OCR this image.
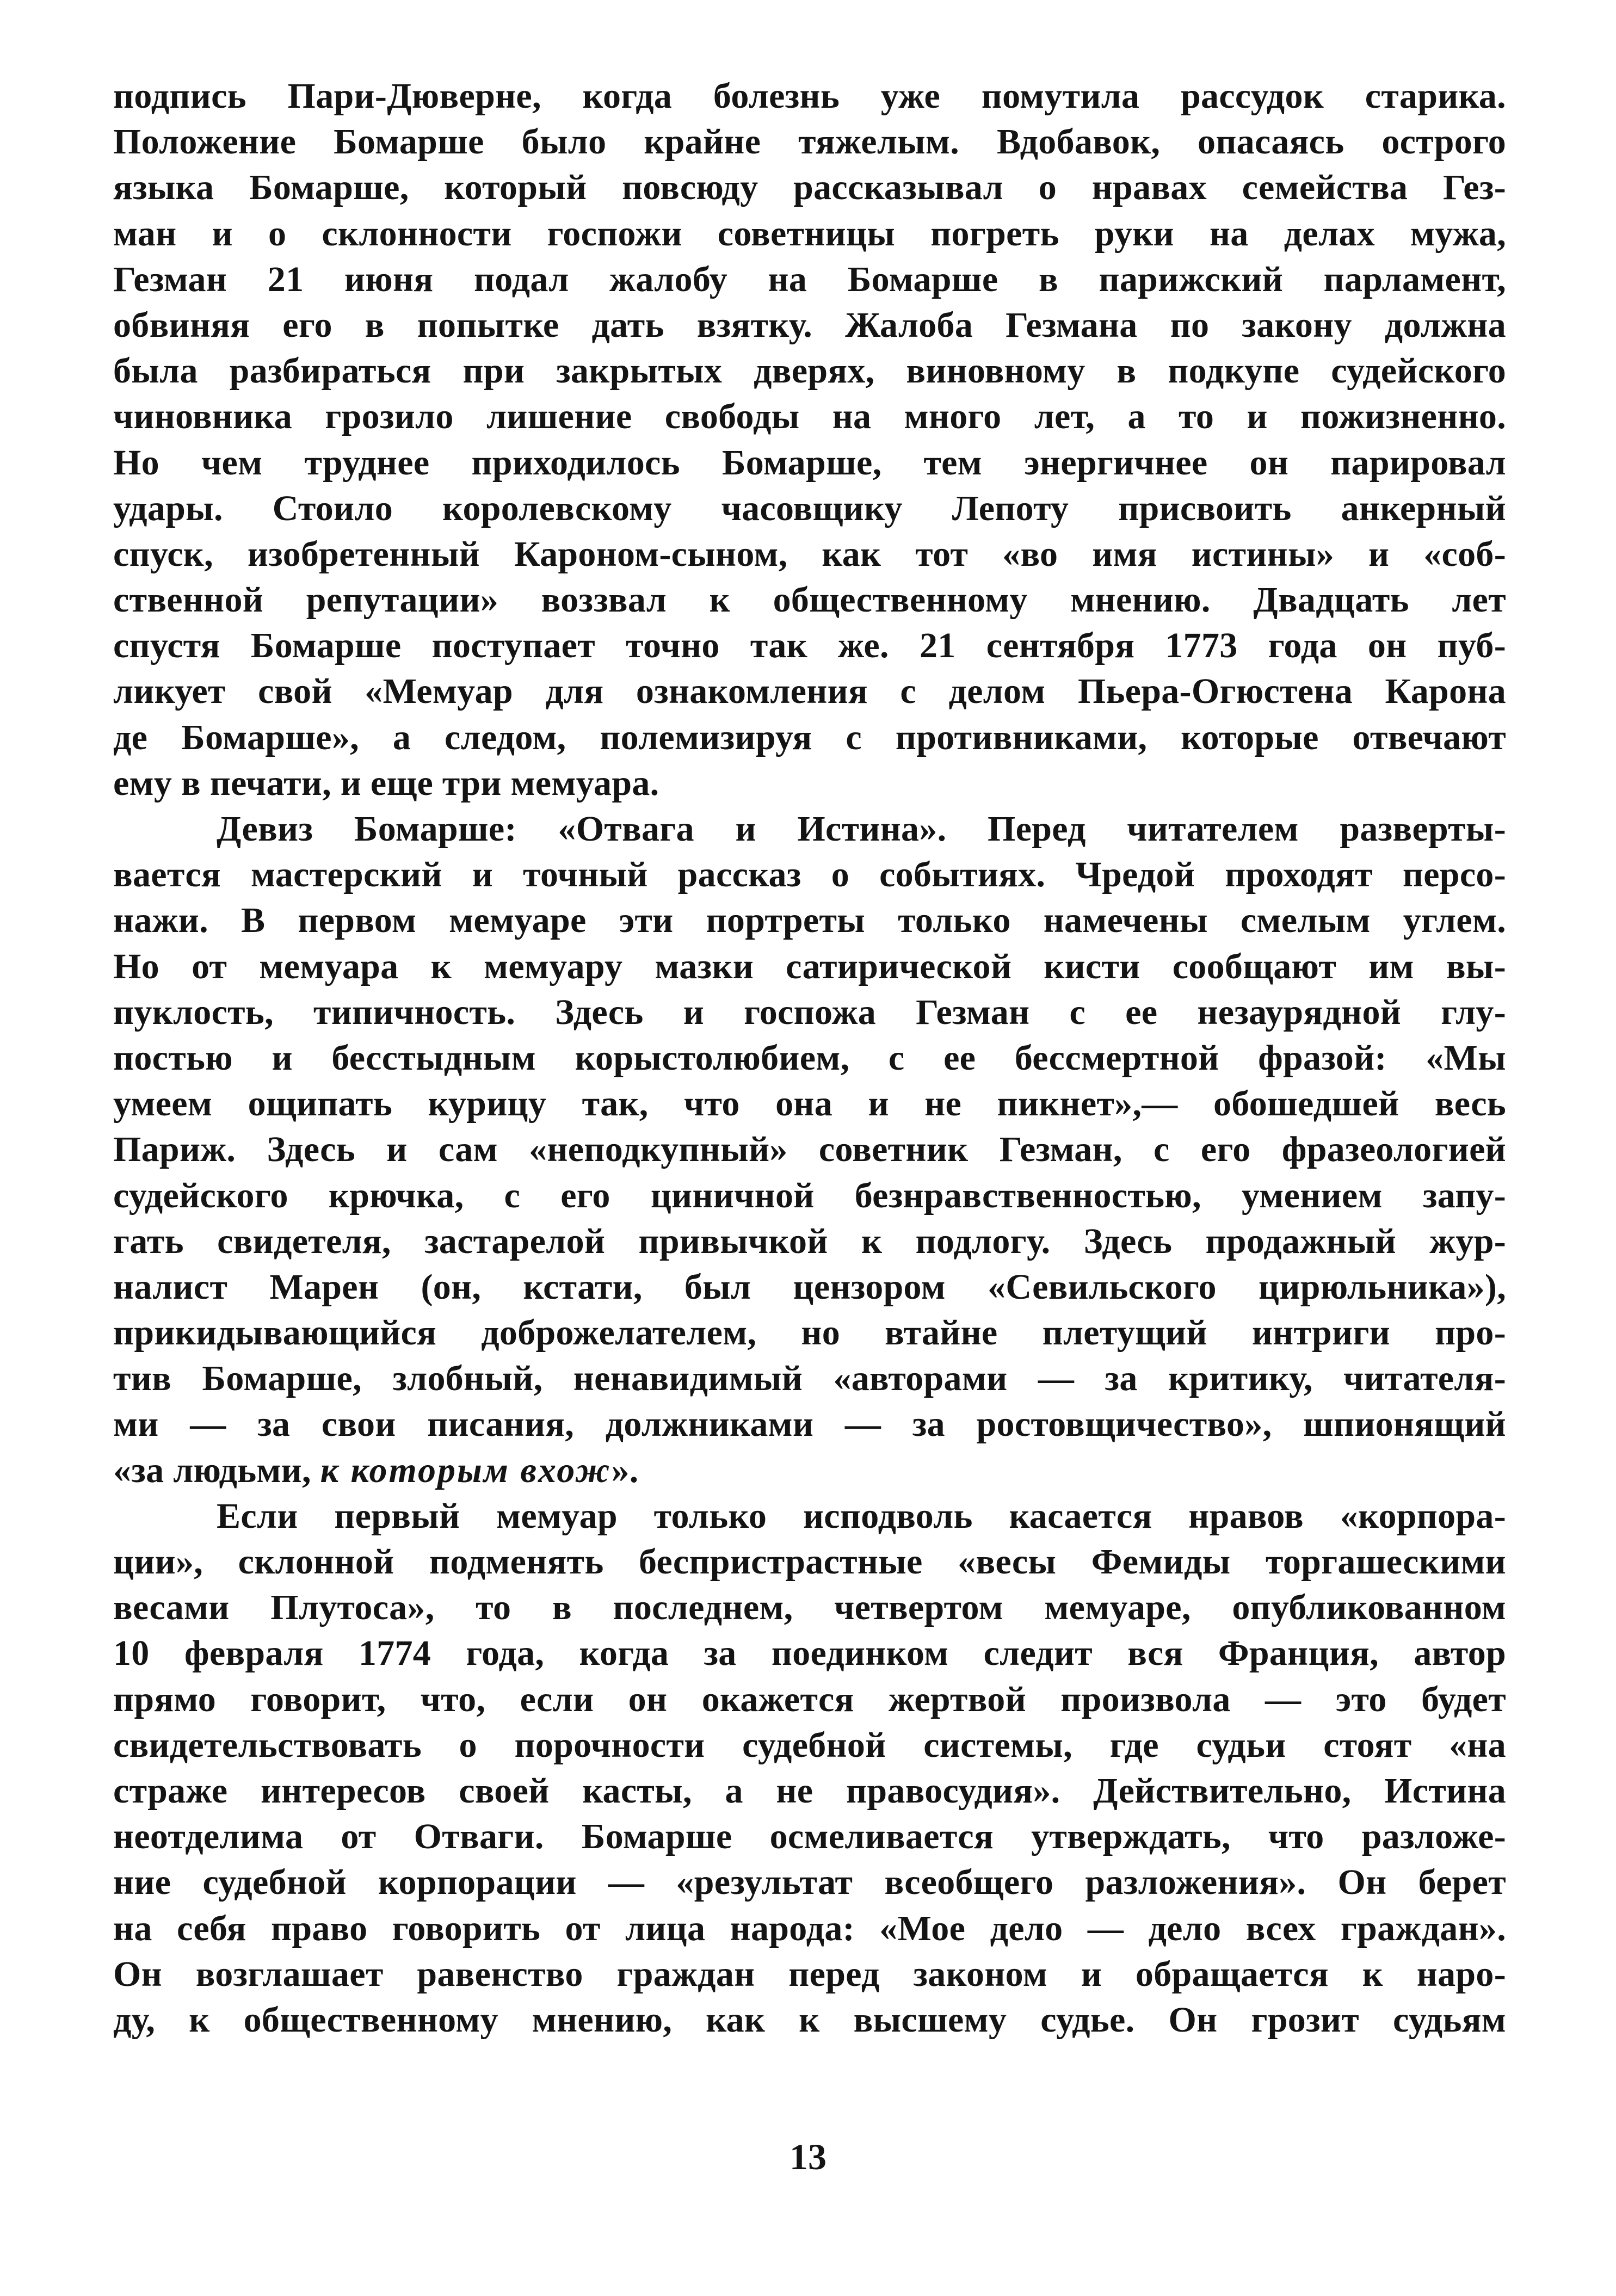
подпись Пари-Дюверне, когда болезнь уже помутила рассудок старика.
Положение Бомарше было крайне тяжелым. Вдобавок, опасаясь острого
языка Бомарше, который повсюду рассказывал о нравах семейства Гез-
ман и о склонности госпожи советницы погреть руки на делах мужа,
Гезман 21 июня подал жалобу на Бомарше в парижский парламент,
обвиняя его в попытке дать взятку. Жалоба Гезмана по закону должна
была разбираться при закрытых дверях, виновному в подкупе судейского
чиновника грозило лишение свободы на много лет, а то и пожизненно.
Но чем труднее приходилось Бомарше, тем энергичнее он парировал
удары. Стоило королевскому часовщику Лепоту присвоить анкерный
спуск, изобретенный Кароном-сыном, как тот «во имя истины» и «соб-
ственной репутации» воззвал к общественному мнению. Двадцать лет
спустя Бомарше поступает точно так же. 21 сентября 1773 года он пуб-
ликует свой «Мемуар для ознакомления с делом Пьера-Огюстена Карона
де Бомарше», а следом, полемизируя с противниками, которые отвечают
ему в печати, и еще три мемуара.
Девиз Бомарше: «Отвага и Истина». Перед читателем разверты-
вается мастерский и точный рассказ о событиях. Чредой проходят персо-
нажи. В первом мемуаре эти портреты только намечены смелым углем.
Но от мемуара к мемуару мазки сатирической кисти сообщают им вы-
пуклость, типичность. Здесь и госпожа Гезман с ее незаурядной глу-
постью и бесстыдным корыстолюбием, с ее бессмертной фразой: «Мы
умеем ощипать курицу так, что она и не пикнет»,— обошедшей весь
Париж. Здесь и сам «неподкупный» советник Гезман, с его фразеологией
судейского крючка, с его циничной безнравственностью, умением запу-
гать свидетеля, застарелой привычкой к подлогу. Здесь продажный жур-
налист Марен (он, кстати, был цензором «Севильского цирюльника»),
прикидывающийся доброжелателем, но втайне плетущий интриги про-
тив Бомарше, злобный, ненавидимый «авторами — за критику, читателя-
ми — за свои писания, должниками — за ростовщичество», шпионящий
«за людьми, к которым вхож».
Если первый мемуар только исподволь касается нравов «корпора-
ции», склонной подменять беспристрастные «весы Фемиды торгашескими
весами Плутоса», то в последнем, четвертом мемуаре, опубликованном
10 февраля 1774 года, когда за поединком следит вся Франция, автор
прямо говорит, что, если он окажется жертвой произвола — это будет
свидетельствовать о порочности судебной системы, где судьи стоят «на
страже интересов своей касты, а не правосудия». Действительно, Истина
неотделима от Отваги. Бомарше осмеливается утверждать, что разложе-
ние судебной корпорации — «результат всеобщего разложения». Он берет
на себя право говорить от лица народа: «Мое дело — дело всех граждан».
Он возглашает равенство граждан перед законом и обращается к наро-
ду, к общественному мнению, как к высшему судье. Он грозит судьям
13
